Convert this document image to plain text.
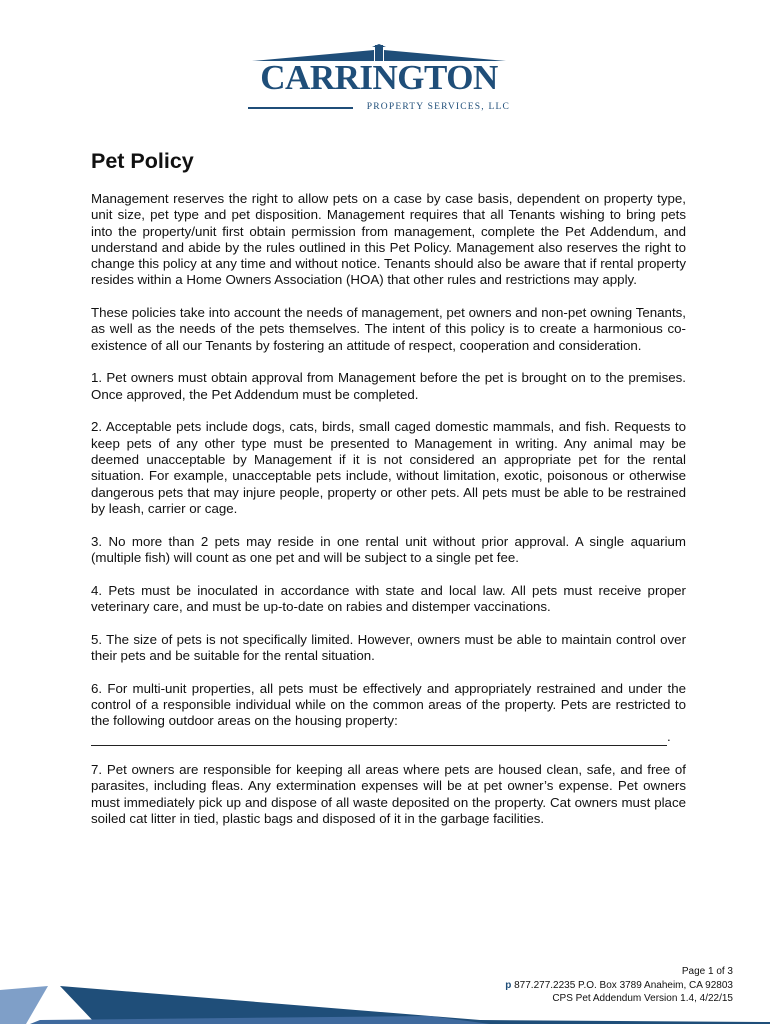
CARRINGTON
PROPERTY SERVICES, LLC
Pet Policy

Management reserves the right to allow pets on a case by case basis, dependent on property type, unit size, pet type and pet disposition. Management requires that all Tenants wishing to bring pets into the property/unit first obtain permission from management, complete the Pet Addendum, and understand and abide by the rules outlined in this Pet Policy. Management also reserves the right to change this policy at any time and without notice. Tenants should also be aware that if rental property resides within a Home Owners Association (HOA) that other rules and restrictions may apply.

These policies take into account the needs of management, pet owners and non-pet owning Tenants, as well as the needs of the pets themselves. The intent of this policy is to create a harmonious co-existence of all our Tenants by fostering an attitude of respect, cooperation and consideration.

1. Pet owners must obtain approval from Management before the pet is brought on to the premises. Once approved, the Pet Addendum must be completed.

2. Acceptable pets include dogs, cats, birds, small caged domestic mammals, and fish. Requests to keep pets of any other type must be presented to Management in writing. Any animal may be deemed unacceptable by Management if it is not considered an appropriate pet for the rental situation. For example, unacceptable pets include, without limitation, exotic, poisonous or otherwise dangerous pets that may injure people, property or other pets. All pets must be able to be restrained by leash, carrier or cage.

3. No more than 2 pets may reside in one rental unit without prior approval. A single aquarium (multiple fish) will count as one pet and will be subject to a single pet fee.

4. Pets must be inoculated in accordance with state and local law. All pets must receive proper veterinary care, and must be up-to-date on rabies and distemper vaccinations.

5. The size of pets is not specifically limited. However, owners must be able to maintain control over their pets and be suitable for the rental situation.

6. For multi-unit properties, all pets must be effectively and appropriately restrained and under the control of a responsible individual while on the common areas of the property. Pets are restricted to the following outdoor areas on the housing property:
.

7. Pet owners are responsible for keeping all areas where pets are housed clean, safe, and free of parasites, including fleas. Any extermination expenses will be at pet owner’s expense. Pet owners must immediately pick up and dispose of all waste deposited on the property. Cat owners must place soiled cat litter in tied, plastic bags and disposed of it in the garbage facilities.

Page 1 of 3
p 877.277.2235 P.O. Box 3789 Anaheim, CA 92803
CPS Pet Addendum Version 1.4, 4/22/15
